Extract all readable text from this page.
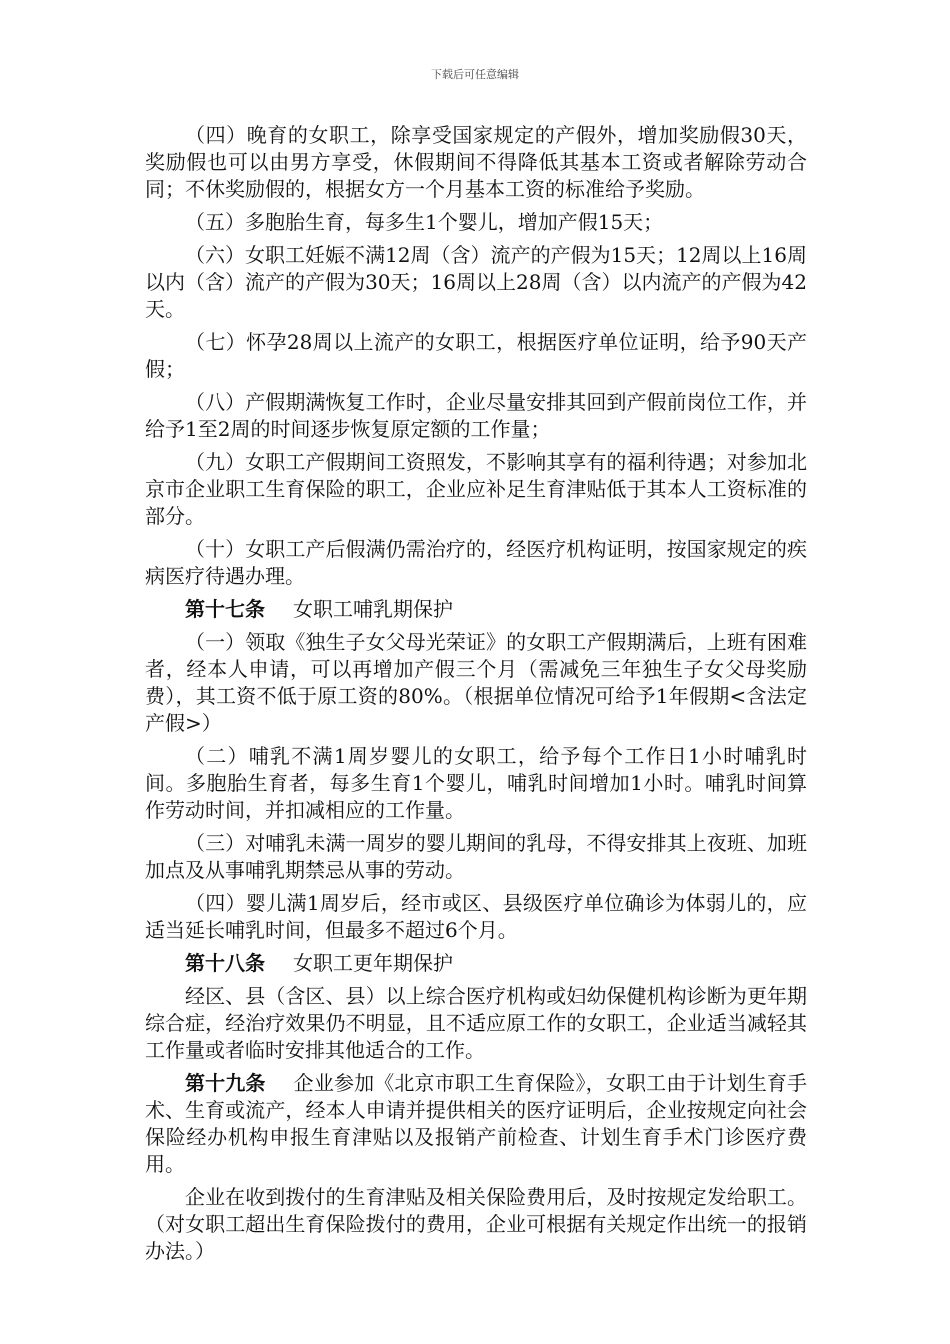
下载后可任意编辑

（四）晚育的女职工，除享受国家规定的产假外，增加奖励假30天，奖励假也可以由男方享受，休假期间不得降低其基本工资或者解除劳动合同；不休奖励假的，根据女方一个月基本工资的标准给予奖励。

（五）多胞胎生育，每多生1个婴儿，增加产假15天；

（六）女职工妊娠不满12周（含）流产的产假为15天；12周以上16周以内（含）流产的产假为30天；16周以上28周（含）以内流产的产假为42天。

（七）怀孕28周以上流产的女职工，根据医疗单位证明，给予90天产假；

（八）产假期满恢复工作时，企业尽量安排其回到产假前岗位工作，并给予1至2周的时间逐步恢复原定额的工作量；

（九）女职工产假期间工资照发，不影响其享有的福利待遇；对参加北京市企业职工生育保险的职工，企业应补足生育津贴低于其本人工资标准的部分。

（十）女职工产后假满仍需治疗的，经医疗机构证明，按国家规定的疾病医疗待遇办理。

第十七条 女职工哺乳期保护

（一）领取《独生子女父母光荣证》的女职工产假期满后，上班有困难者，经本人申请，可以再增加产假三个月（需减免三年独生子女父母奖励费），其工资不低于原工资的80%。（根据单位情况可给予1年假期<含法定产假>）

（二）哺乳不满1周岁婴儿的女职工，给予每个工作日1小时哺乳时间。多胞胎生育者，每多生育1个婴儿，哺乳时间增加1小时。哺乳时间算作劳动时间，并扣减相应的工作量。

（三）对哺乳未满一周岁的婴儿期间的乳母，不得安排其上夜班、加班加点及从事哺乳期禁忌从事的劳动。

（四）婴儿满1周岁后，经市或区、县级医疗单位确诊为体弱儿的，应适当延长哺乳时间，但最多不超过6个月。

第十八条 女职工更年期保护

经区、县（含区、县）以上综合医疗机构或妇幼保健机构诊断为更年期综合症，经治疗效果仍不明显，且不适应原工作的女职工，企业适当减轻其工作量或者临时安排其他适合的工作。

第十九条 企业参加《北京市职工生育保险》，女职工由于计划生育手术、生育或流产，经本人申请并提供相关的医疗证明后，企业按规定向社会保险经办机构申报生育津贴以及报销产前检查、计划生育手术门诊医疗费用。

企业在收到拨付的生育津贴及相关保险费用后，及时按规定发给职工。（对女职工超出生育保险拨付的费用，企业可根据有关规定作出统一的报销办法。）
